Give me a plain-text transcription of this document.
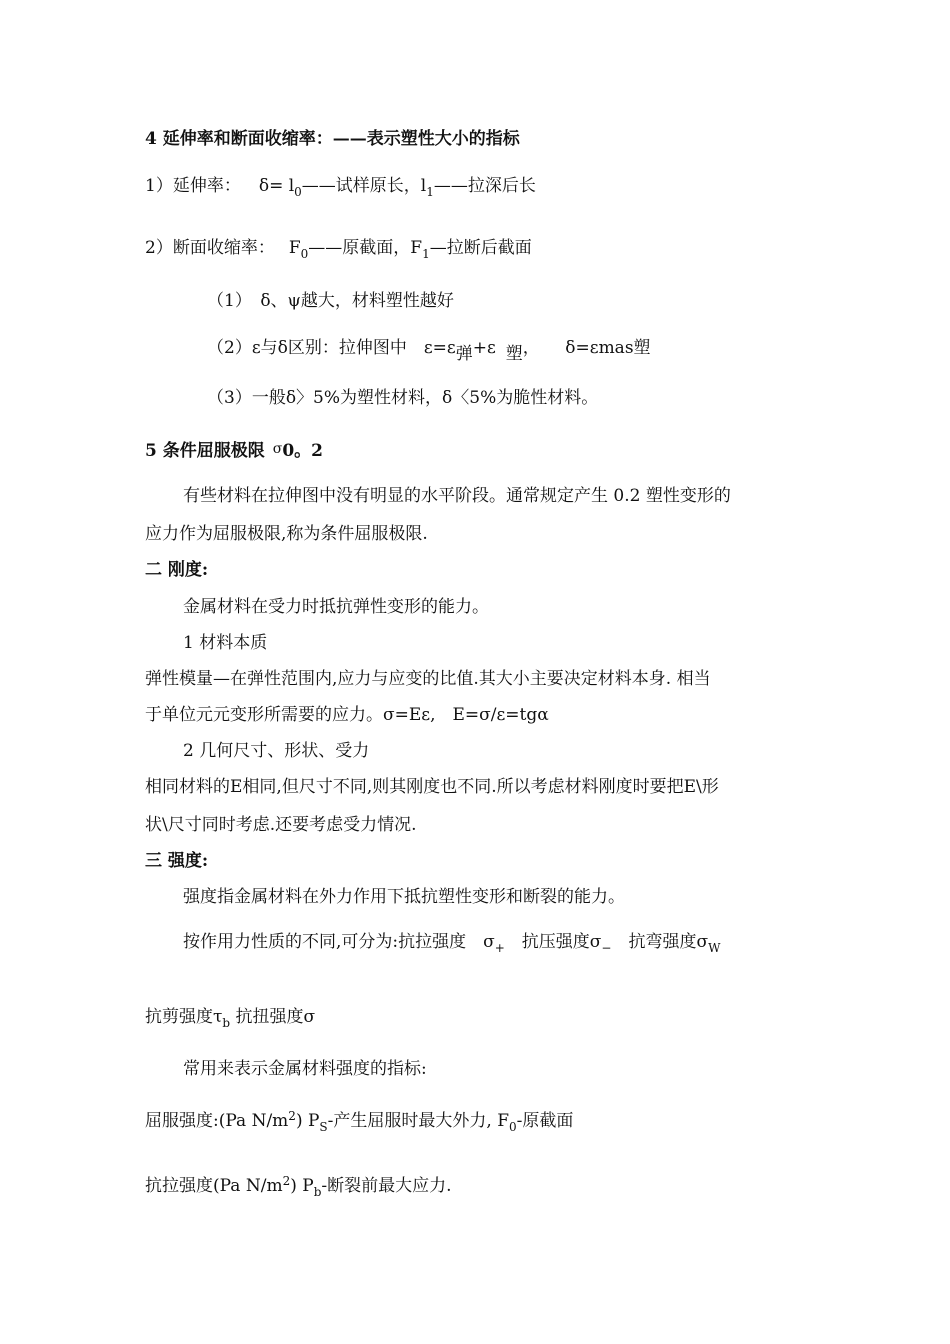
4 延伸率和断面收缩率：——表示塑性大小的指标
1）延伸率： $\delta= l_0——$试样原长，$l_1——$拉深后长
2）断面收缩率： $F_0——$原截面，$F_1—$拉断后截面
（1）　δ、ψ越大，材料塑性越好
（2）ε与δ区别：拉伸图中　ε=ε弹+ε 塑，　　δ=εmas塑
（3）一般δ〉5%为塑性材料，δ〈5%为脆性材料。
5 条件屈服极限 σ0。2
有些材料在拉伸图中没有明显的水平阶段。通常规定产生 0.2 塑性变形的
应力作为屈服极限,称为条件屈服极限.
二 刚度:
金属材料在受力时抵抗弹性变形的能力。
1 材料本质
弹性模量—在弹性范围内,应力与应变的比值.其大小主要决定材料本身. 相当
于单位元元变形所需要的应力。σ=Eε,　E=σ/ε=tgα
2 几何尺寸、形状、受力
相同材料的E相同,但尺寸不同,则其刚度也不同.所以考虑材料刚度时要把E\形
状\尺寸同时考虑.还要考虑受力情况.
三 强度:
强度指金属材料在外力作用下抵抗塑性变形和断裂的能力。
按作用力性质的不同,可分为:抗拉强度　$\sigma_+$　抗压强度$\sigma_-$　抗弯强度$\sigma_W$
抗剪强度$\tau_b$ 抗扭强度σ
常用来表示金属材料强度的指标:
屈服强度:(Pa $N/m^2$) $P_S-$产生屈服时最大外力, $F_0-$原截面
抗拉强度(Pa $N/m^2$) $P_b-$断裂前最大应力.
